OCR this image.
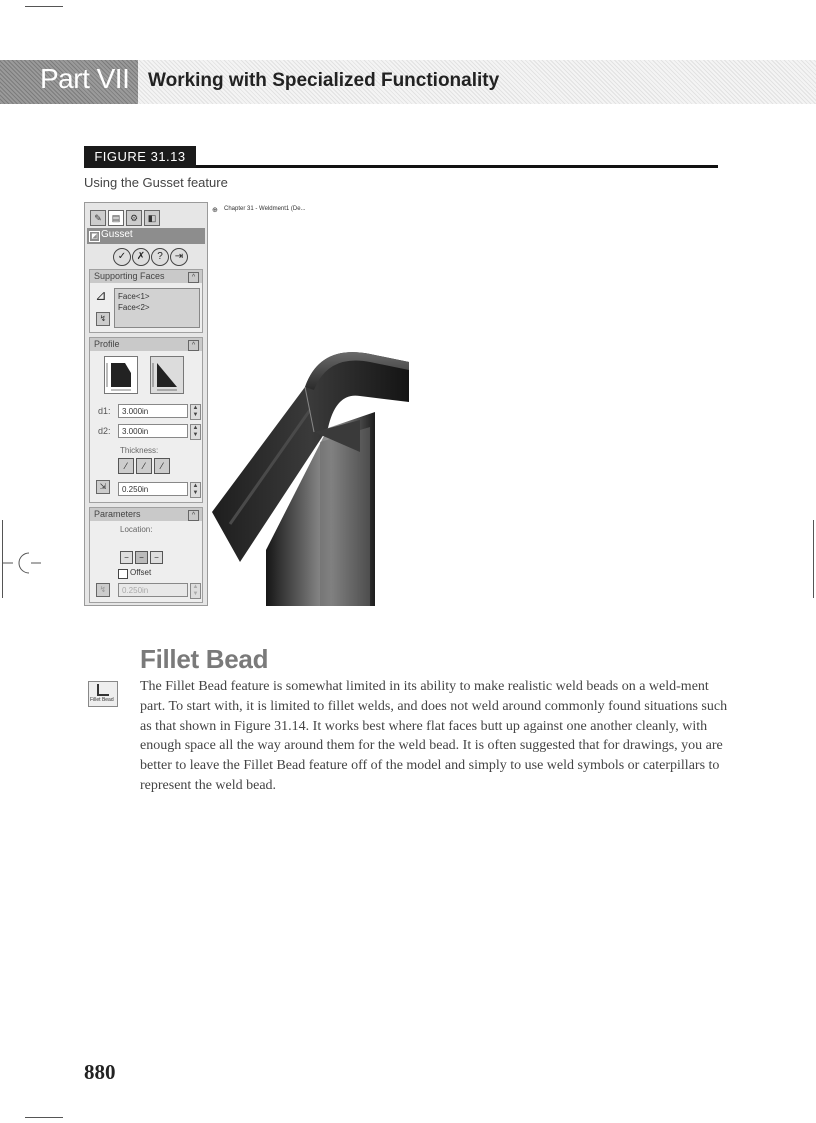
Part VII Working with Specialized Functionality
FIGURE 31.13
Using the Gusset feature
✎	▤	⚙	◧
◩ Gusset
✓	✗	?	⇥
Supporting Faces	^
⊿ Face<1>
Face<2>
↯
Profile	^
d1:	3.000in	▲
▼
d2:	3.000in	▲
▼
Thickness:
⁄	⁄	⁄
⇲	0.250in	▲
▼
Parameters	^
Location:
−	−	−
Offset
↯	0.250in	▲
▼
⊕ Chapter 31 - Weldment1 (De...
Fillet Bead
Fillet Bead
The Fillet Bead feature is somewhat limited in its ability to make realistic weld beads on a weld-ment part. To start with, it is limited to fillet welds, and does not weld around commonly found situations such as that shown in Figure 31.14. It works best where flat faces butt up against one another cleanly, with enough space all the way around them for the weld bead. It is often suggested that for drawings, you are better to leave the Fillet Bead feature off of the model and simply to use weld symbols or caterpillars to represent the weld bead.
880
